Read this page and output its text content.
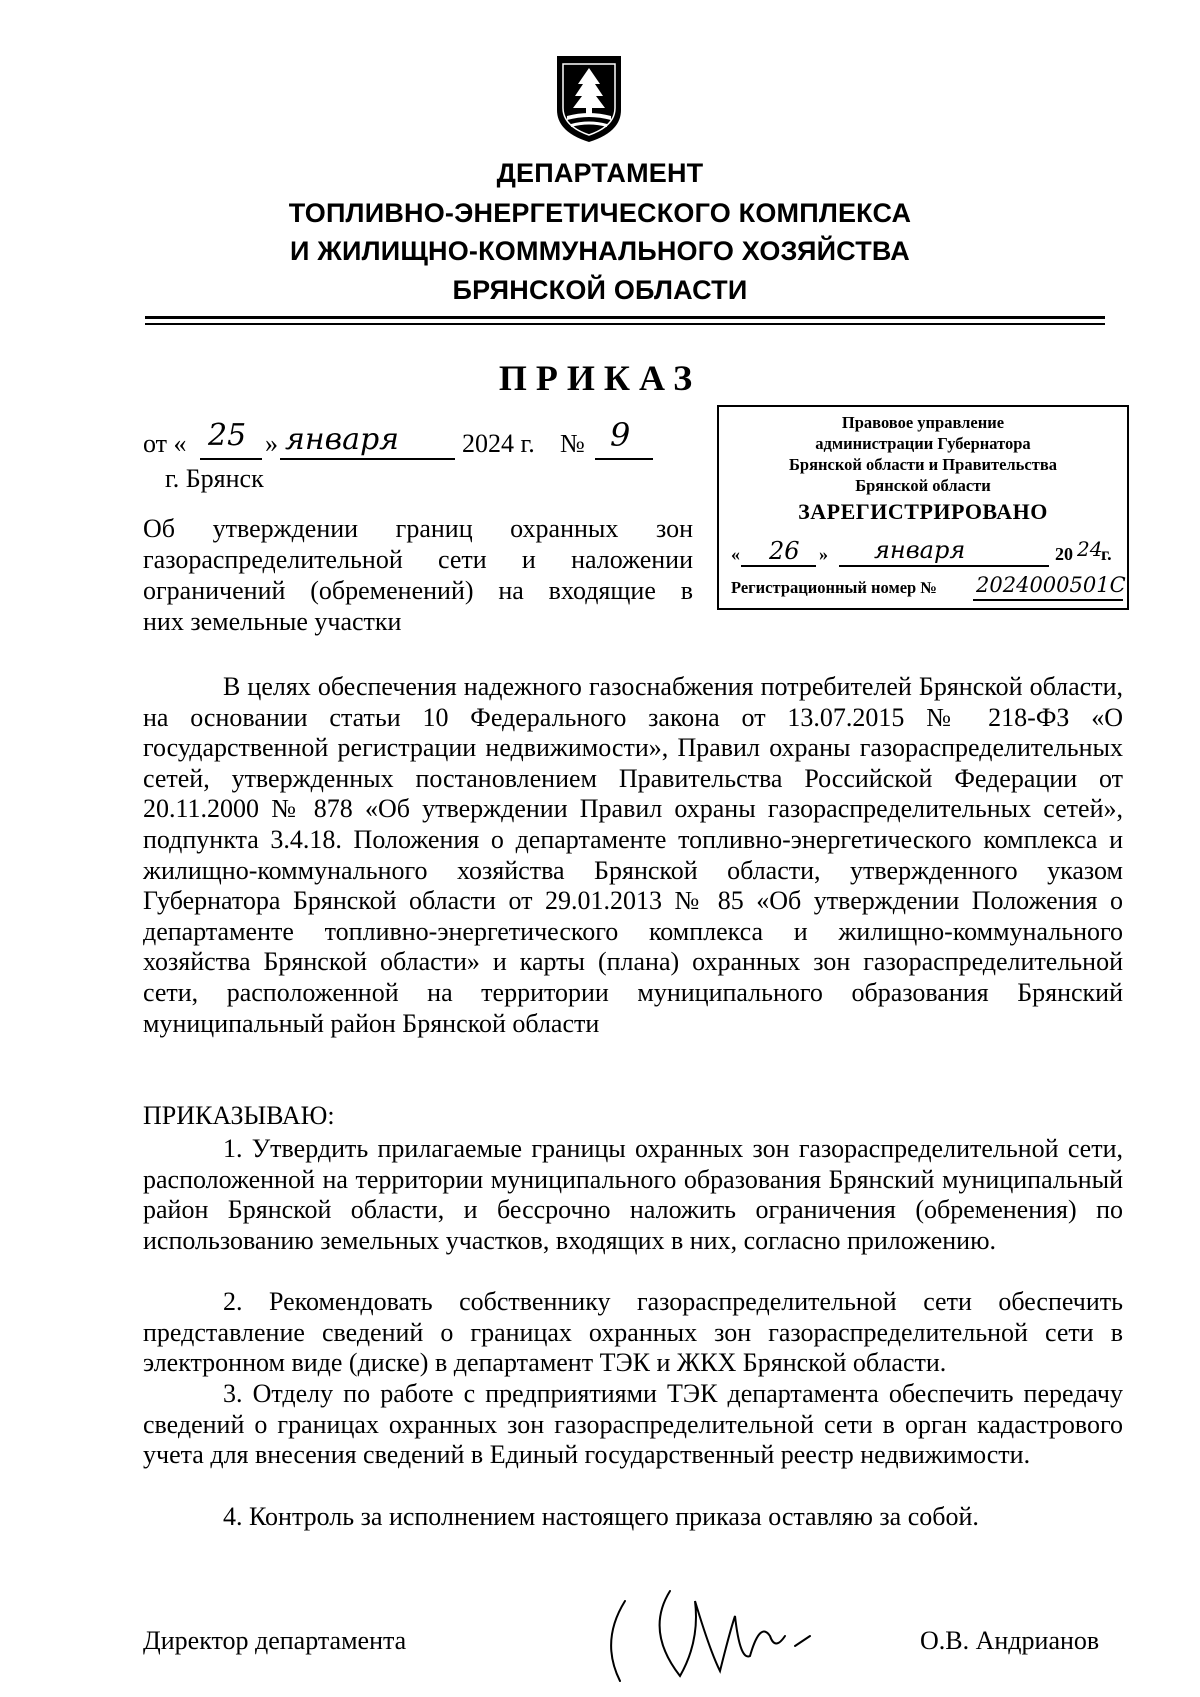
ДЕПАРТАМЕНТ
ТОПЛИВНО-ЭНЕРГЕТИЧЕСКОГО КОМПЛЕКСА
И ЖИЛИЩНО-КОММУНАЛЬНОГО ХОЗЯЙСТВА
БРЯНСКОЙ ОБЛАСТИ
ПРИКАЗ
от « 25 » января 2024 г. № 9
г. Брянск
Об утверждении границ охранных зон
газораспределительной сети и наложении
ограничений (обременений) на входящие в
них земельные участки
Правовое управление
администрации Губернатора
Брянской области и Правительства
Брянской области
ЗАРЕГИСТРИРОВАНО
« 26 » января	20 24
г.
Регистрационный номер № 2024000501С
В целях обеспечения надежного газоснабжения потребителей Брянской области, на основании статьи 10 Федерального закона от 13.07.2015 № 218-ФЗ «О государственной регистрации недвижимости», Правил охраны газораспределительных сетей, утвержденных постановлением Правительства Российской Федерации от 20.11.2000 № 878 «Об утверждении Правил охраны газораспределительных сетей», подпункта 3.4.18. Положения о департаменте топливно-энергетического комплекса и жилищно-коммунального хозяйства Брянской области, утвержденного указом Губернатора Брянской области от 29.01.2013 № 85 «Об утверждении Положения о департаменте топливно-энергетического комплекса и жилищно-коммунального хозяйства Брянской области» и карты (плана) охранных зон газораспределительной сети, расположенной на территории муниципального образования Брянский муниципальный район Брянской области
ПРИКАЗЫВАЮ:
1. Утвердить прилагаемые границы охранных зон газораспределительной сети, расположенной на территории муниципального образования Брянский муниципальный район Брянской области, и бессрочно наложить ограничения (обременения) по использованию земельных участков, входящих в них, согласно приложению.
2. Рекомендовать собственнику газораспределительной сети обеспечить представление сведений о границах охранных зон газораспределительной сети в электронном виде (диске) в департамент ТЭК и ЖКХ Брянской области.
3. Отделу по работе с предприятиями ТЭК департамента обеспечить передачу сведений о границах охранных зон газораспределительной сети в орган кадастрового учета для внесения сведений в Единый государственный реестр недвижимости.
4. Контроль за исполнением настоящего приказа оставляю за собой.
Директор департамента	О.В. Андрианов
